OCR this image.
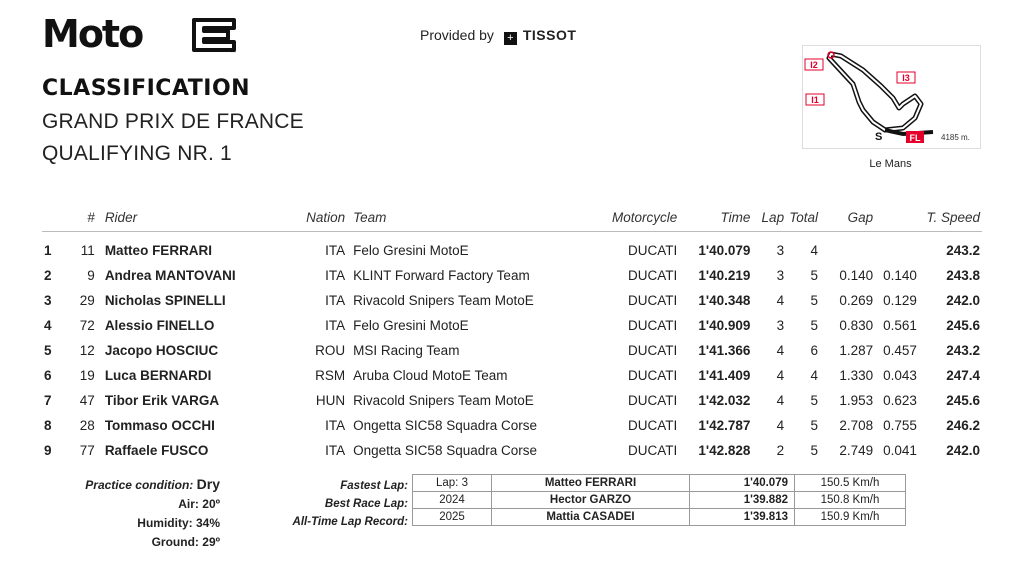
Moto	™
Provided by + TISSOT
CLASSIFICATION
GRAND PRIX DE FRANCE
QUALIFYING NR. 1
I2
I1
I3
S	FL	4185 m.
Le Mans
	#	Rider	Nation	Team	Motorcycle	Time	Lap	Total	Gap		T. Speed
1	11	Matteo FERRARI	ITA	Felo Gresini MotoE	DUCATI	1'40.079	3	4			243.2
2	9	Andrea MANTOVANI	ITA	KLINT Forward Factory Team	DUCATI	1'40.219	3	5	0.140	0.140	243.8
3	29	Nicholas SPINELLI	ITA	Rivacold Snipers Team MotoE	DUCATI	1'40.348	4	5	0.269	0.129	242.0
4	72	Alessio FINELLO	ITA	Felo Gresini MotoE	DUCATI	1'40.909	3	5	0.830	0.561	245.6
5	12	Jacopo HOSCIUC	ROU	MSI Racing Team	DUCATI	1'41.366	4	6	1.287	0.457	243.2
6	19	Luca BERNARDI	RSM	Aruba Cloud MotoE Team	DUCATI	1'41.409	4	4	1.330	0.043	247.4
7	47	Tibor Erik VARGA	HUN	Rivacold Snipers Team MotoE	DUCATI	1'42.032	4	5	1.953	0.623	245.6
8	28	Tommaso OCCHI	ITA	Ongetta SIC58 Squadra Corse	DUCATI	1'42.787	4	5	2.708	0.755	246.2
9	77	Raffaele FUSCO	ITA	Ongetta SIC58 Squadra Corse	DUCATI	1'42.828	2	5	2.749	0.041	242.0
Practice condition: Dry
Air: 20º
Humidity: 34%
Ground: 29º
Fastest Lap:
Best Race Lap:
All-Time Lap Record:
Lap: 3	Matteo FERRARI	1'40.079	150.5 Km/h
2024	Hector GARZO	1'39.882	150.8 Km/h
2025	Mattia CASADEI	1'39.813	150.9 Km/h
